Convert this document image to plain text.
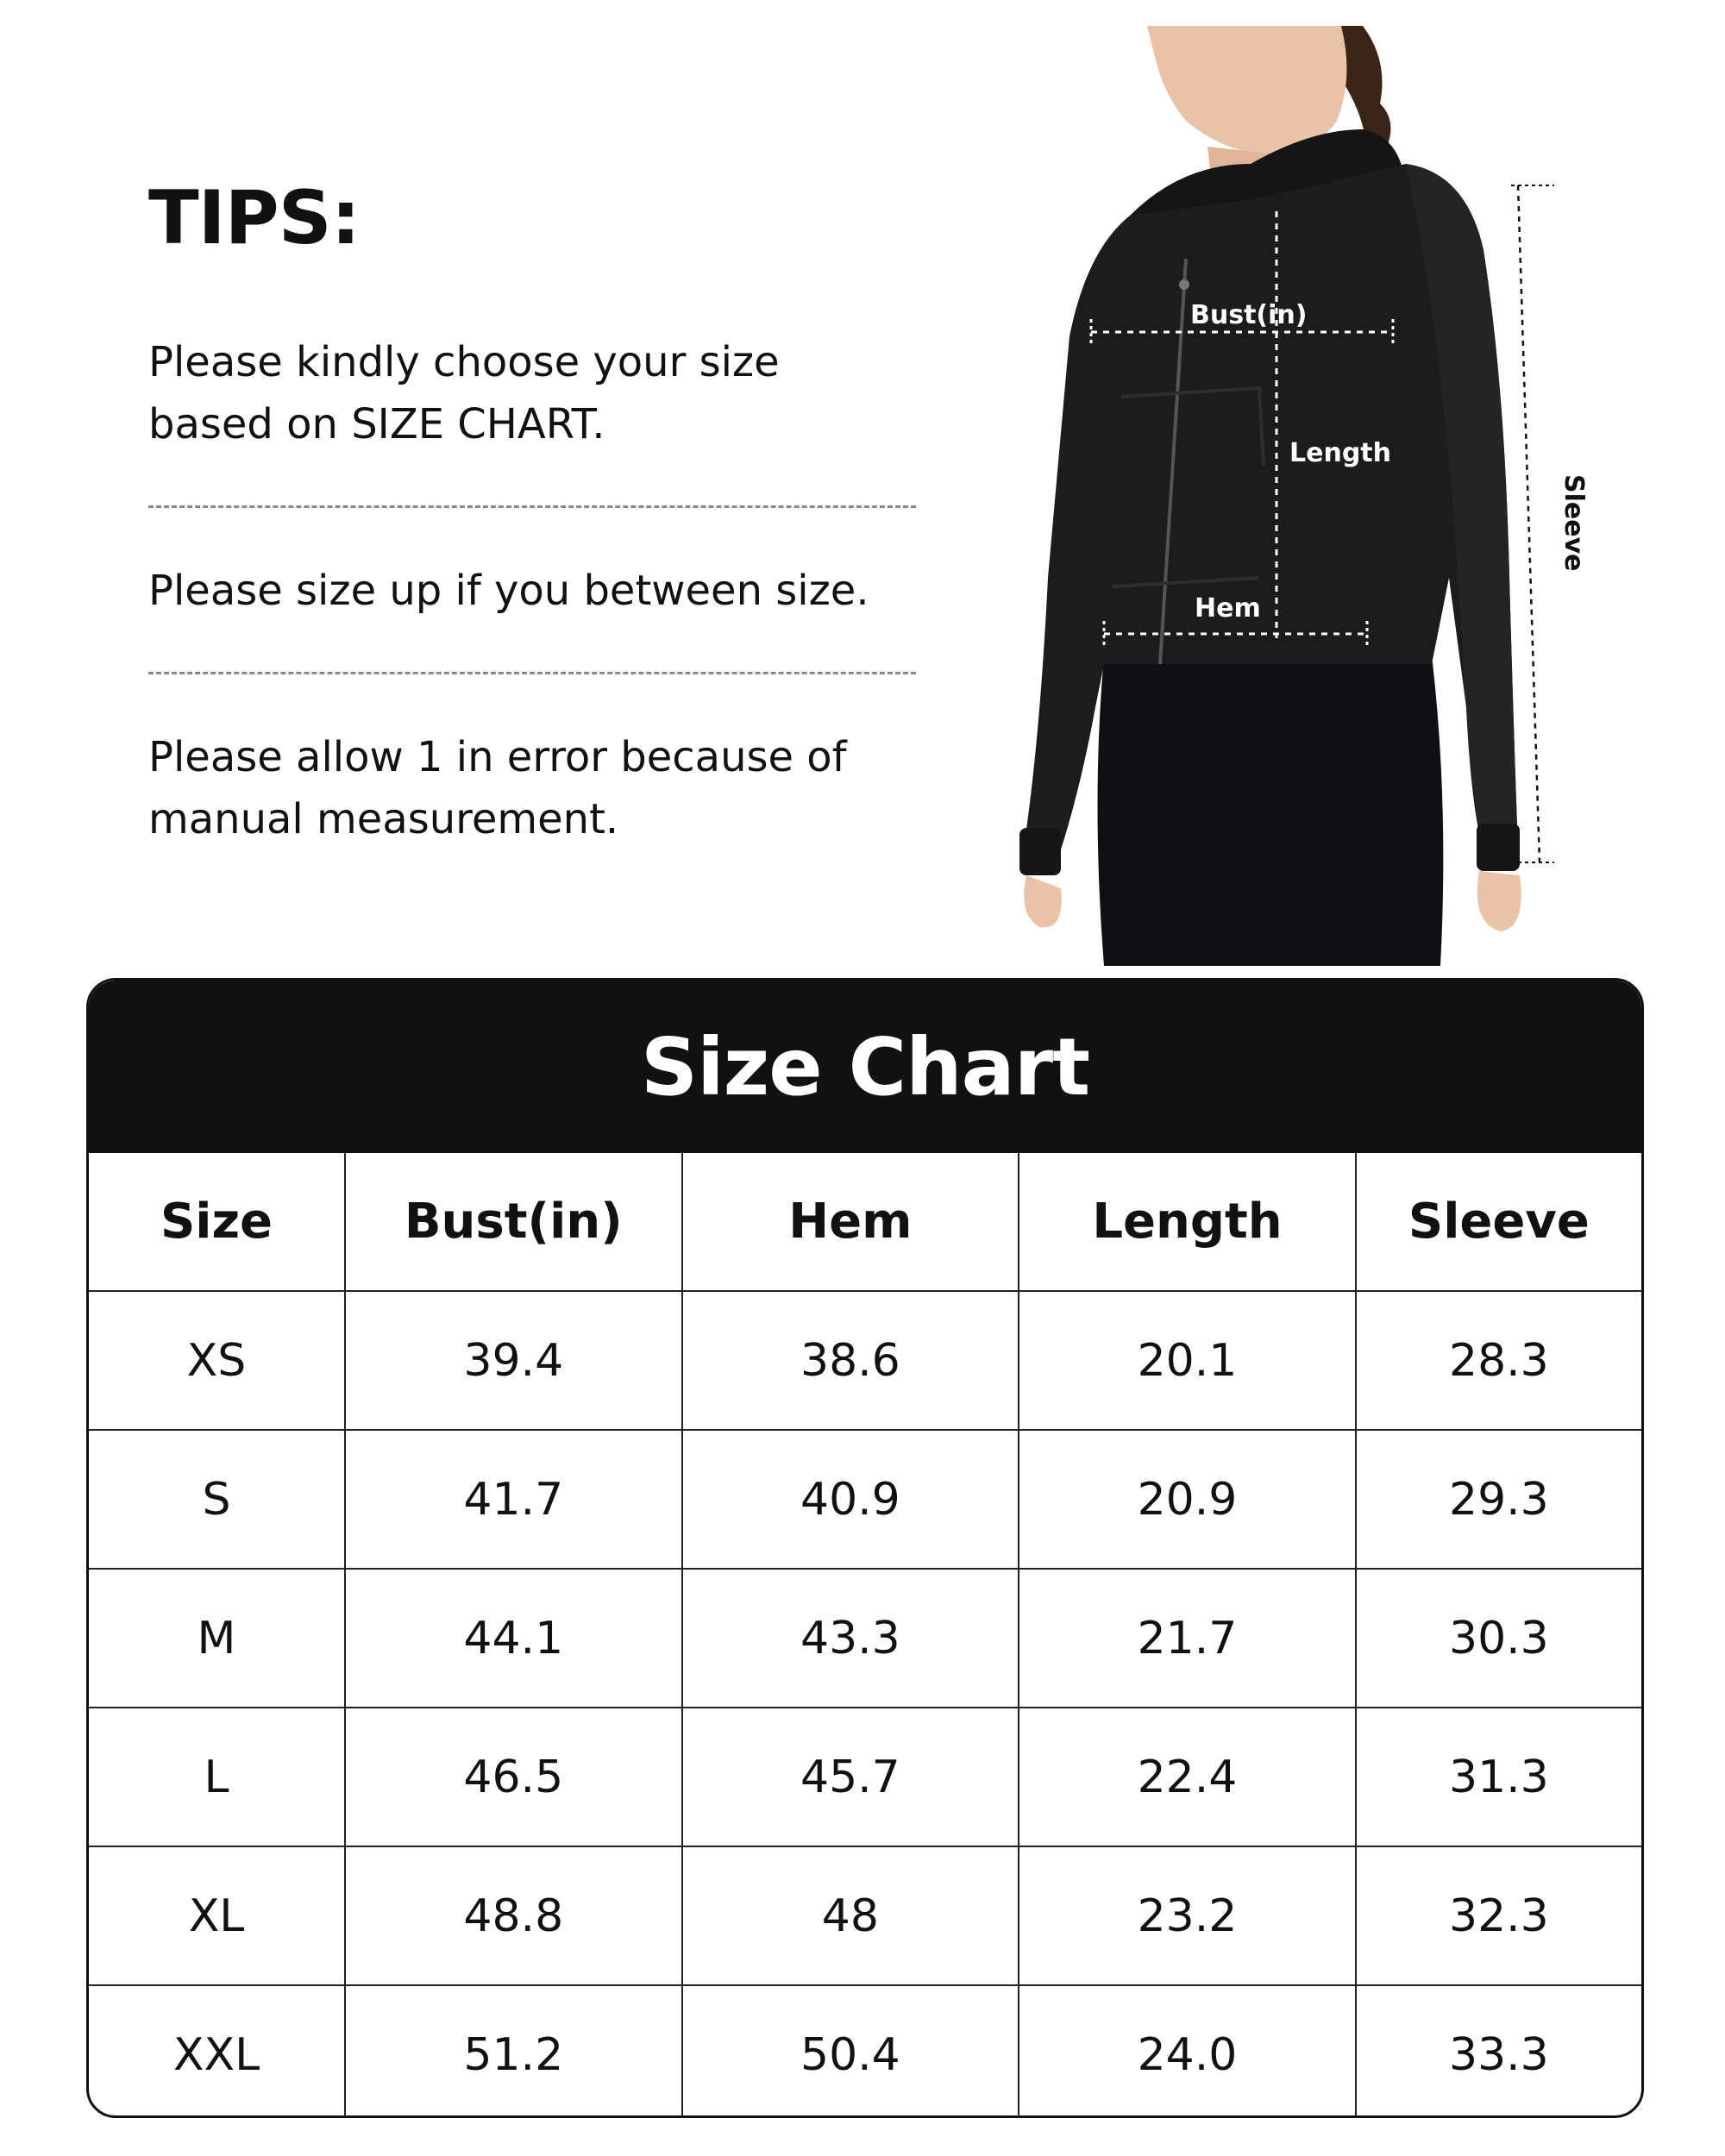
TIPS:

Please kindly choose your size
based on SIZE CHART.

Please size up if you between size.

Please allow 1 in error because of
manual measurement.

Bust(in)
Length
Hem
Sleeve
Size Chart
Size	Bust(in)	Hem	Length	Sleeve
XS	39.4	38.6	20.1	28.3
S	41.7	40.9	20.9	29.3
M	44.1	43.3	21.7	30.3
L	46.5	45.7	22.4	31.3
XL	48.8	48	23.2	32.3
XXL	51.2	50.4	24.0	33.3
